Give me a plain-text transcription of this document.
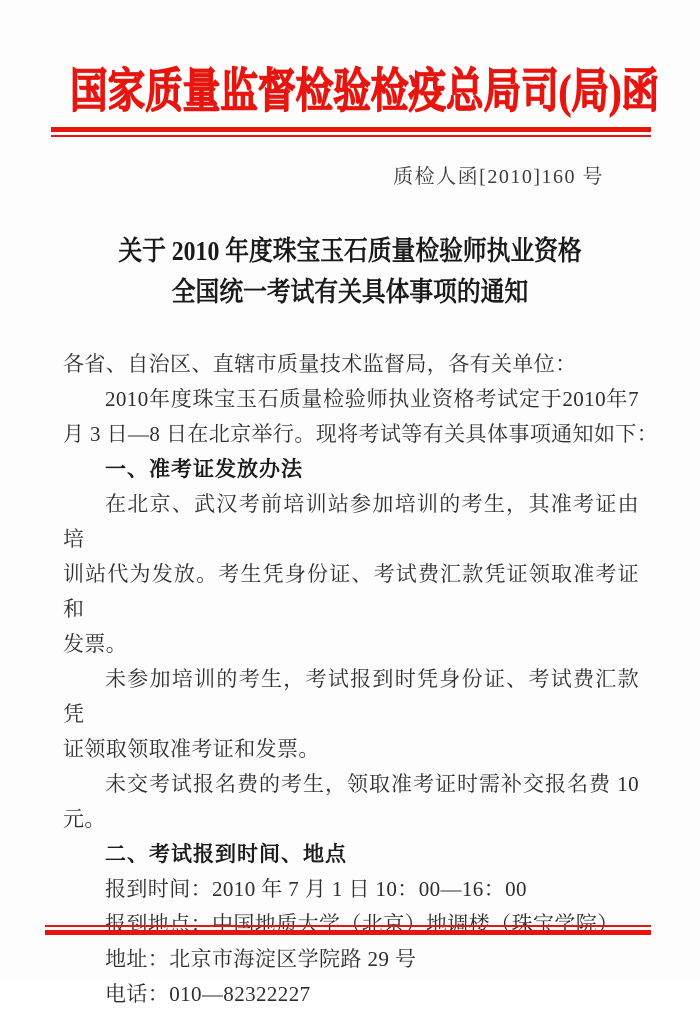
国家质量监督检验检疫总局司(局)函
质检人函[2010]160 号
关于 2010 年度珠宝玉石质量检验师执业资格
全国统一考试有关具体事项的通知
各省、自治区、直辖市质量技术监督局，各有关单位：
2010年度珠宝玉石质量检验师执业资格考试定于2010年7
月 3 日—8 日在北京举行。现将考试等有关具体事项通知如下：
一、准考证发放办法
在北京、武汉考前培训站参加培训的考生，其准考证由培
训站代为发放。考生凭身份证、考试费汇款凭证领取准考证和
发票。
未参加培训的考生，考试报到时凭身份证、考试费汇款凭
证领取领取准考证和发票。
未交考试报名费的考生，领取准考证时需补交报名费 10
元。
二、考试报到时间、地点
报到时间：2010 年 7 月 1 日 10：00—16：00
报到地点：中国地质大学（北京）地调楼（珠宝学院）
地址：北京市海淀区学院路 29 号
电话：010—82322227
